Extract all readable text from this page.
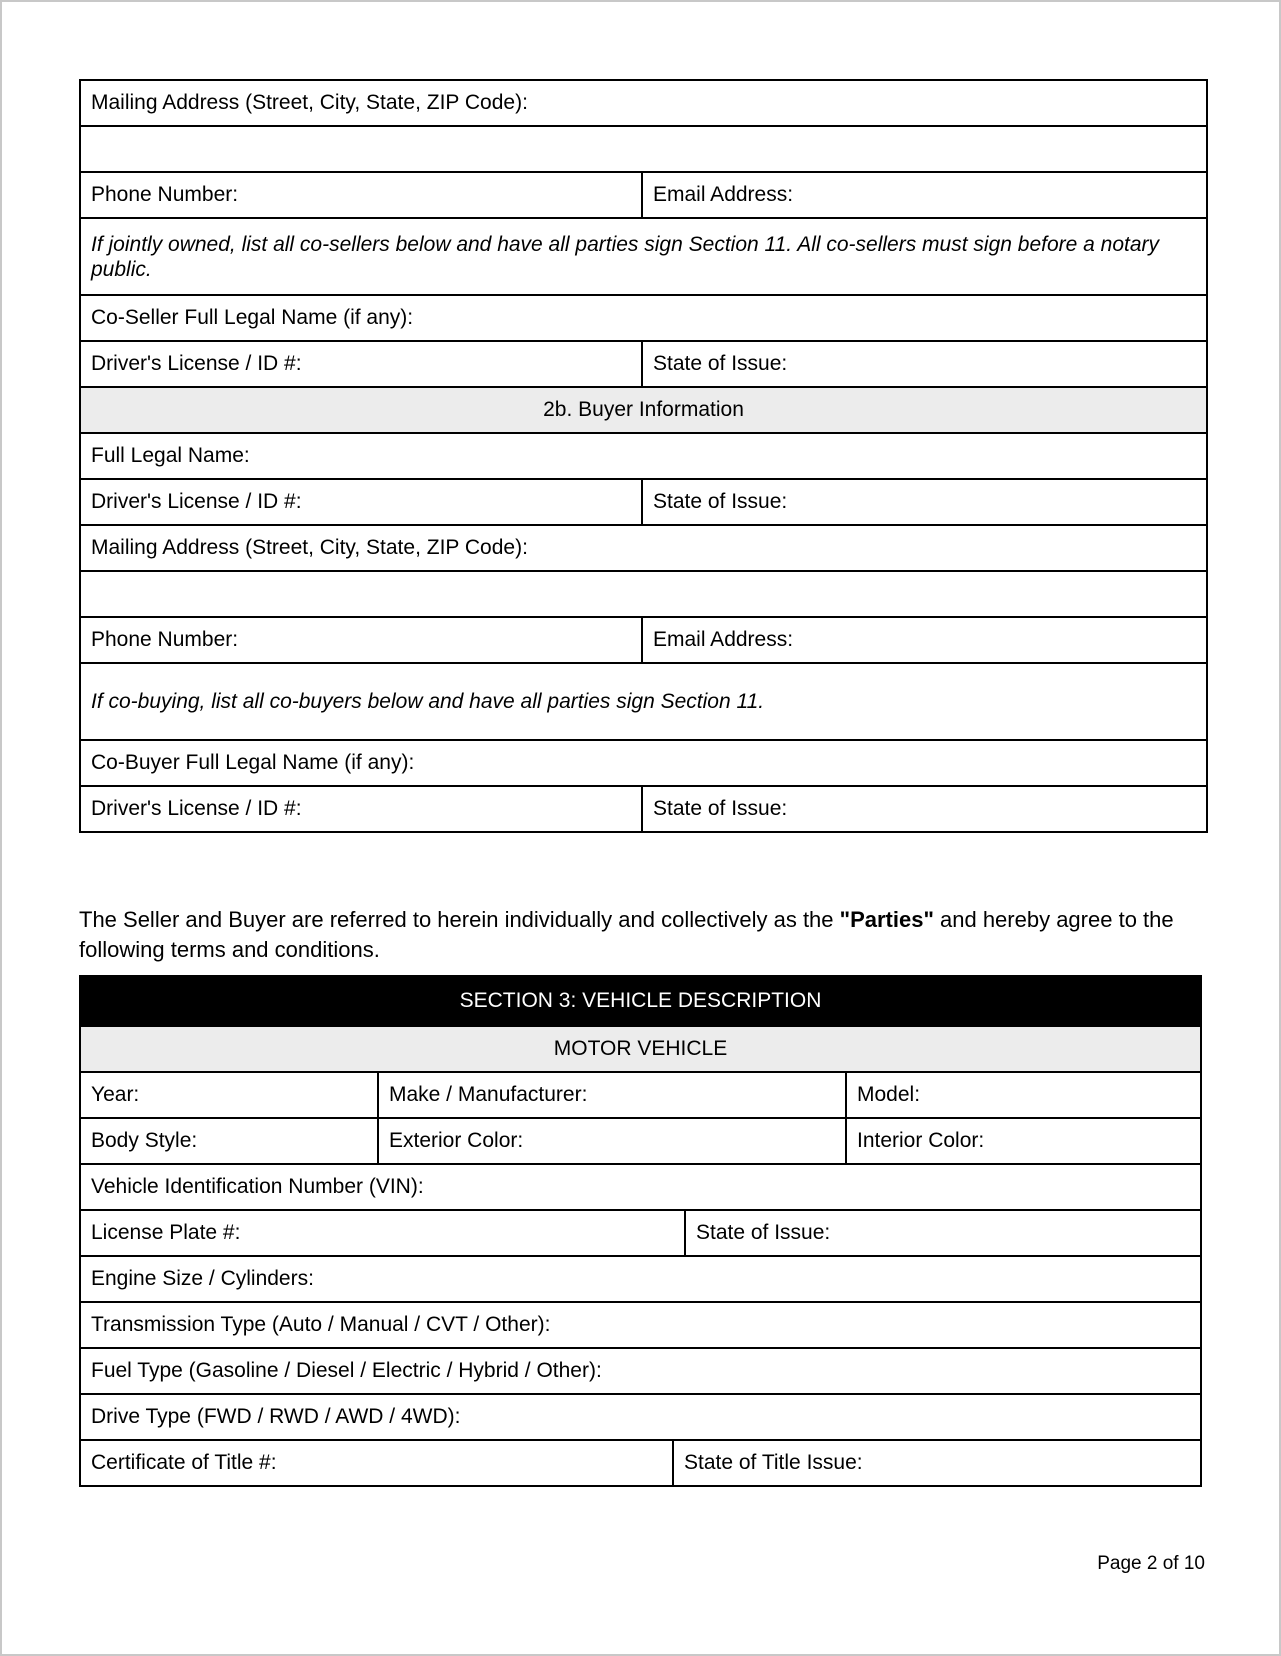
Mailing Address (Street, City, State, ZIP Code):	

Phone Number:	Email Address:
If jointly owned, list all co-sellers below and have all parties sign Section 11. All co-sellers must sign before a notary public.	
Co-Seller Full Legal Name (if any):	
Driver's License / ID #:	State of Issue:
2b. Buyer Information	
Full Legal Name:	
Driver's License / ID #:	State of Issue:
Mailing Address (Street, City, State, ZIP Code):	

Phone Number:	Email Address:
If co-buying, list all co-buyers below and have all parties sign Section 11.	
Co-Buyer Full Legal Name (if any):	
Driver's License / ID #:	State of Issue:

The Seller and Buyer are referred to herein individually and collectively as the "Parties" and hereby agree to the following terms and conditions.

SECTION 3: VEHICLE DESCRIPTION				
MOTOR VEHICLE				
Year:	Make / Manufacturer:			Model:
Body Style:	Exterior Color:			Interior Color:
Vehicle Identification Number (VIN):				
License Plate #:			State of Issue:	
Engine Size / Cylinders:				
Transmission Type (Auto / Manual / CVT / Other):				
Fuel Type (Gasoline / Diesel / Electric / Hybrid / Other):				
Drive Type (FWD / RWD / AWD / 4WD):				
Certificate of Title #:		State of Title Issue:		
Page 2 of 10
